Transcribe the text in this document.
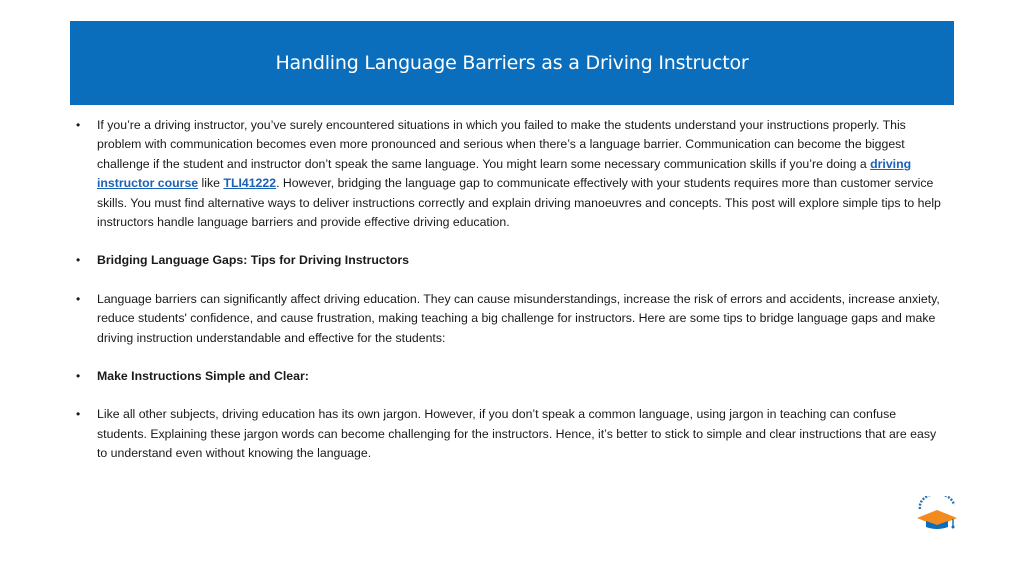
Handling Language Barriers as a Driving Instructor
•	If you’re a driving instructor, you’ve surely encountered situations in which you failed to make the students understand your instructions properly. This problem with communication becomes even more pronounced and serious when there’s a language barrier. Communication can become the biggest challenge if the student and instructor don’t speak the same language. You might learn some necessary communication skills if you’re doing a driving instructor course like TLI41222. However, bridging the language gap to communicate effectively with your students requires more than customer service skills. You must find alternative ways to deliver instructions correctly and explain driving manoeuvres and concepts. This post will explore simple tips to help instructors handle language barriers and provide effective driving education.
•	Bridging Language Gaps: Tips for Driving Instructors
•	Language barriers can significantly affect driving education. They can cause misunderstandings, increase the risk of errors and accidents, increase anxiety, reduce students' confidence, and cause frustration, making teaching a big challenge for instructors. Here are some tips to bridge language gaps and make driving instruction understandable and effective for the students:
•	Make Instructions Simple and Clear:
•	Like all other subjects, driving education has its own jargon. However, if you don’t speak a common language, using jargon in teaching can confuse students. Explaining these jargon words can become challenging for the instructors. Hence, it’s better to stick to simple and clear instructions that are easy to understand even without knowing the language.
